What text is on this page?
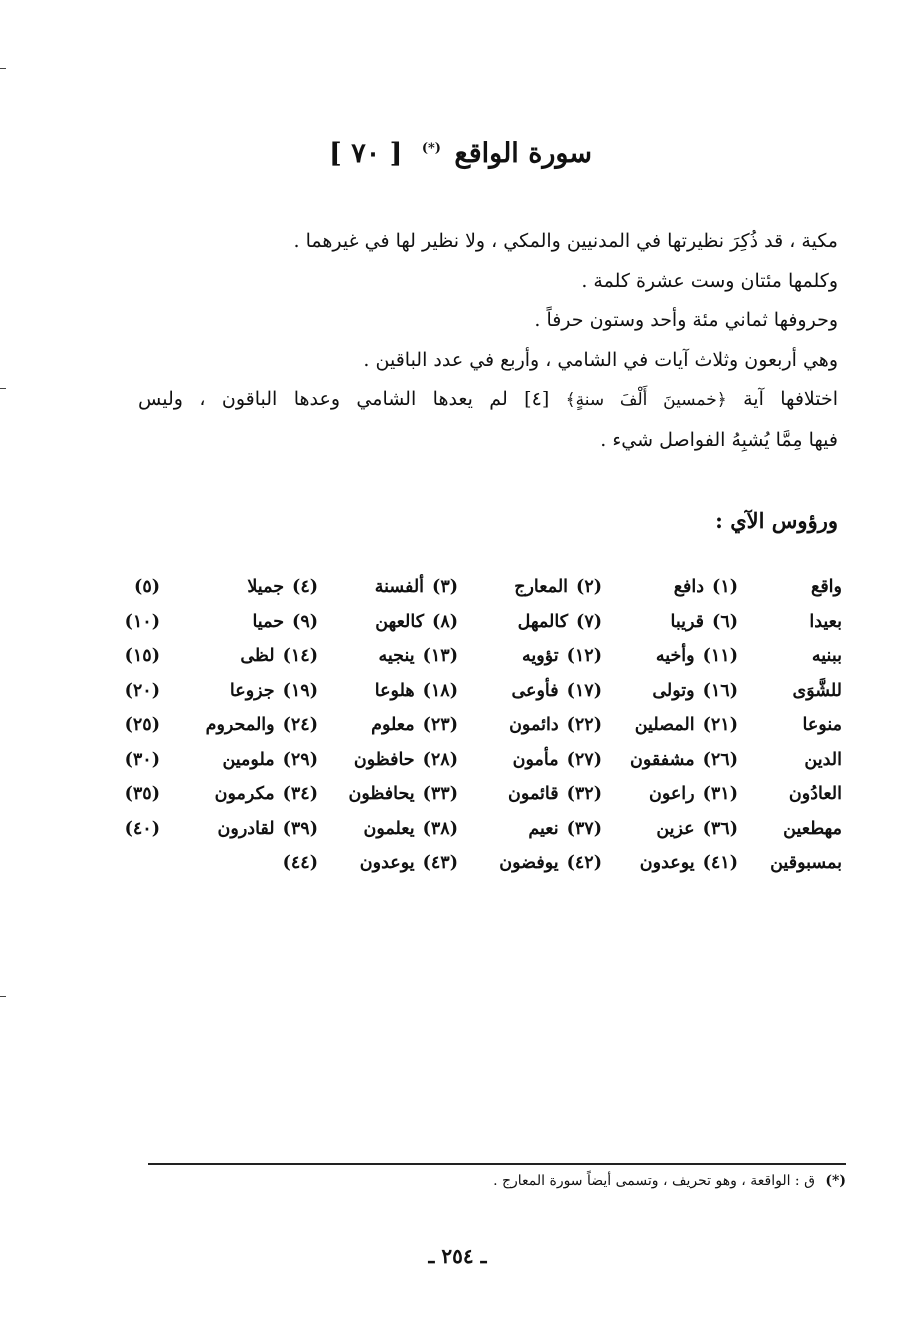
سورة الواقع (*) [ ٧٠ ]

مكية ، قد ذُكِرَ نظيرتها في المدنيين والمكي ، ولا نظير لها في غيرهما .

وكلمها مئتان وست عشرة كلمة .

وحروفها ثماني مئة وأحد وستون حرفاً .

وهي أربعون وثلاث آيات في الشامي ، وأربع في عدد الباقين .

اختلافها آية ﴿خمسينَ أَلْفَ سنةٍ﴾ [٤] لم يعدها الشامي وعدها الباقون ، وليس

فيها مِمَّا يُشبِهُ الفواصل شيء .

ورؤوس الآي :
واقع
(١)دافع
(٢)المعارج
(٣)ألفسنة
(٤)جميلا
(٥)
بعيدا
(٦)قريبا
(٧)كالمهل
(٨)كالعهن
(٩)حميا
(١٠)
ببنيه
(١١)وأخيه
(١٢)تؤويه
(١٣)ينجيه
(١٤)لظى
(١٥)
للشَّوَى
(١٦)وتولى
(١٧)فأوعى
(١٨)هلوعا
(١٩)جزوعا
(٢٠)
منوعا
(٢١)المصلين
(٢٢)دائمون
(٢٣)معلوم
(٢٤)والمحروم
(٢٥)
الدين
(٢٦)مشفقون
(٢٧)مأمون
(٢٨)حافظون
(٢٩)ملومين
(٣٠)
العادُون
(٣١)راعون
(٣٢)قائمون
(٣٣)يحافظون
(٣٤)مكرمون
(٣٥)
مهطعين
(٣٦)عزين
(٣٧)نعيم
(٣٨)يعلمون
(٣٩)لقادرون
(٤٠)
بمسبوقين
(٤١)يوعدون
(٤٢)يوفضون
(٤٣)يوعدون
(٤٤)
(*) ق : الواقعة ، وهو تحريف ، وتسمى أيضاً سورة المعارج .
ـ ٢٥٤ ـ
